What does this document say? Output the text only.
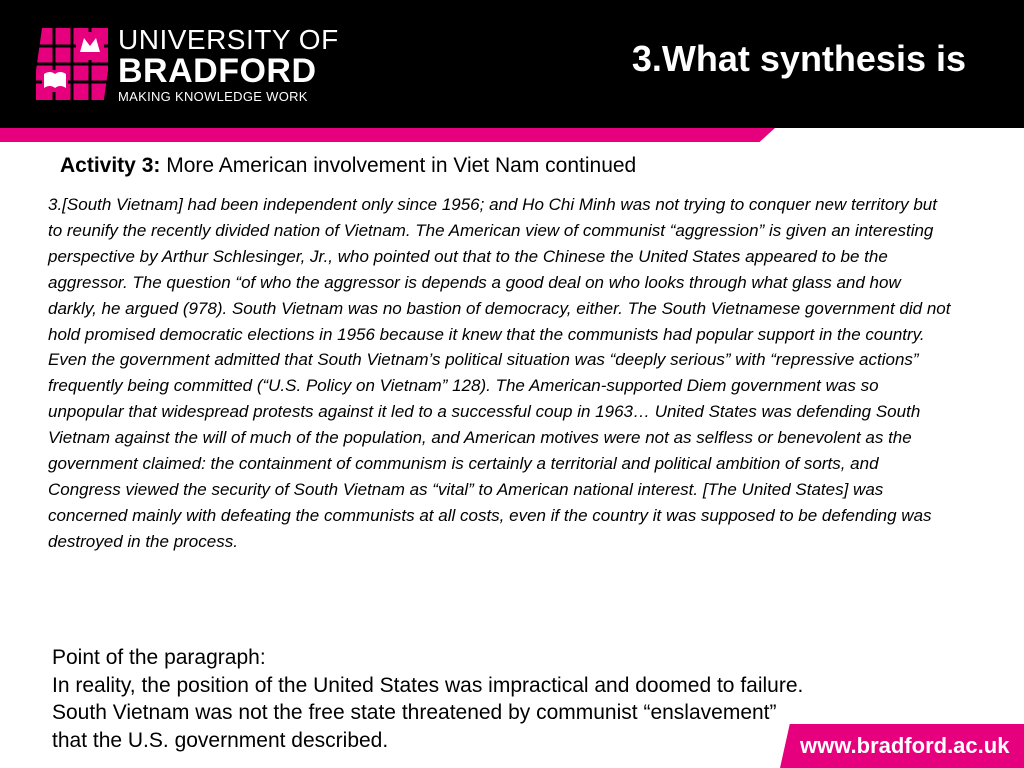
UNIVERSITY OF
BRADFORD
MAKING KNOWLEDGE WORK
3.What synthesis is

Activity 3: More American involvement in Viet Nam continued

3.[South Vietnam] had been independent only since 1956; and Ho Chi Minh was not trying to conquer new territory but to reunify the recently divided nation of Vietnam. The American view of communist “aggression” is given an interesting perspective by Arthur Schlesinger, Jr., who pointed out that to the Chinese the United States appeared to be the aggressor. The question “of who the aggressor is depends a good deal on who looks through what glass and how darkly, he argued (978). South Vietnam was no bastion of democracy, either. The South Vietnamese government did not hold promised democratic elections in 1956 because it knew that the communists had popular support in the country. Even the government admitted that South Vietnam’s political situation was “deeply serious” with “repressive actions” frequently being committed (“U.S. Policy on Vietnam” 128). The American-supported Diem government was so unpopular that widespread protests against it led to a successful coup in 1963… United States was defending South Vietnam against the will of much of the population, and American motives were not as selfless or benevolent as the government claimed: the containment of communism is certainly a territorial and political ambition of sorts, and Congress viewed the security of South Vietnam as “vital” to American national interest. [The United States] was concerned mainly with defeating the communists at all costs, even if the country it was supposed to be defending was destroyed in the process.

Point of the paragraph:
In reality, the position of the United States was impractical and doomed to failure.
South Vietnam was not the free state threatened by communist “enslavement”
that the U.S. government described.	www.bradford.ac.uk
